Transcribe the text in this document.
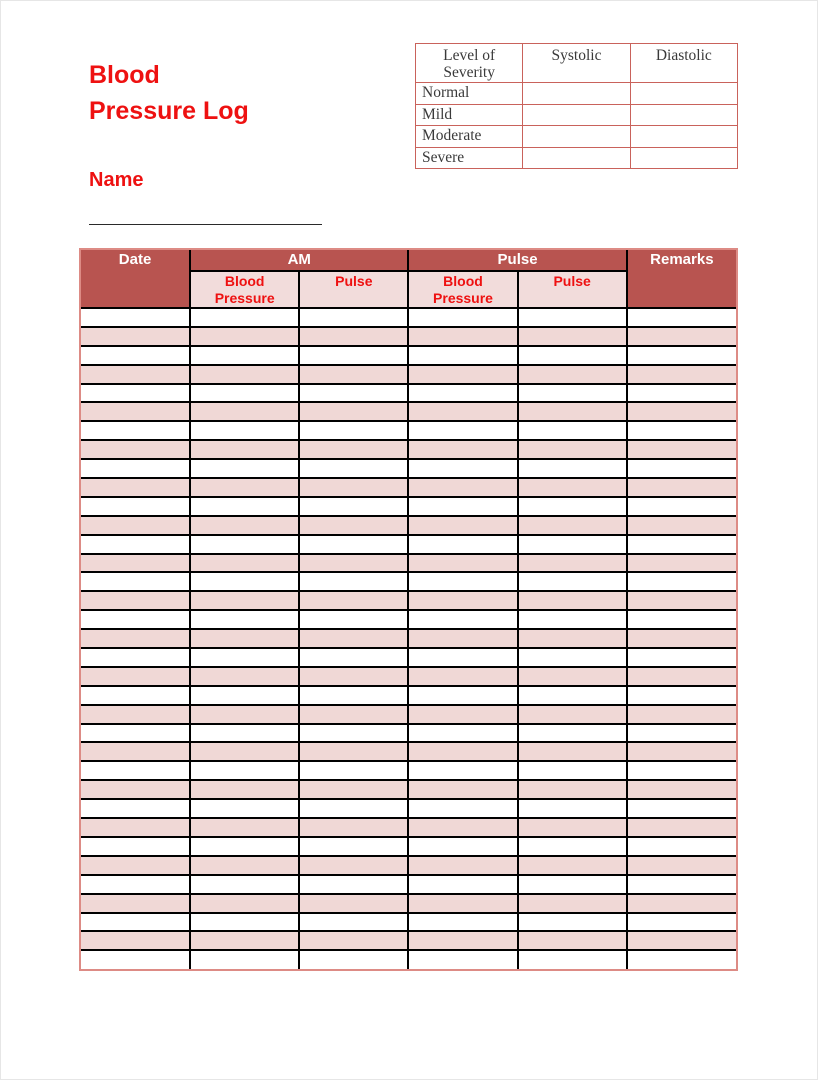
Blood
Pressure Log
Level of Severity	Systolic	Diastolic
Normal		
Mild		
Moderate		
Severe		
Name
Date	AM		Pulse		Remarks
	Blood Pressure	Pulse	Blood Pressure	Pulse	
